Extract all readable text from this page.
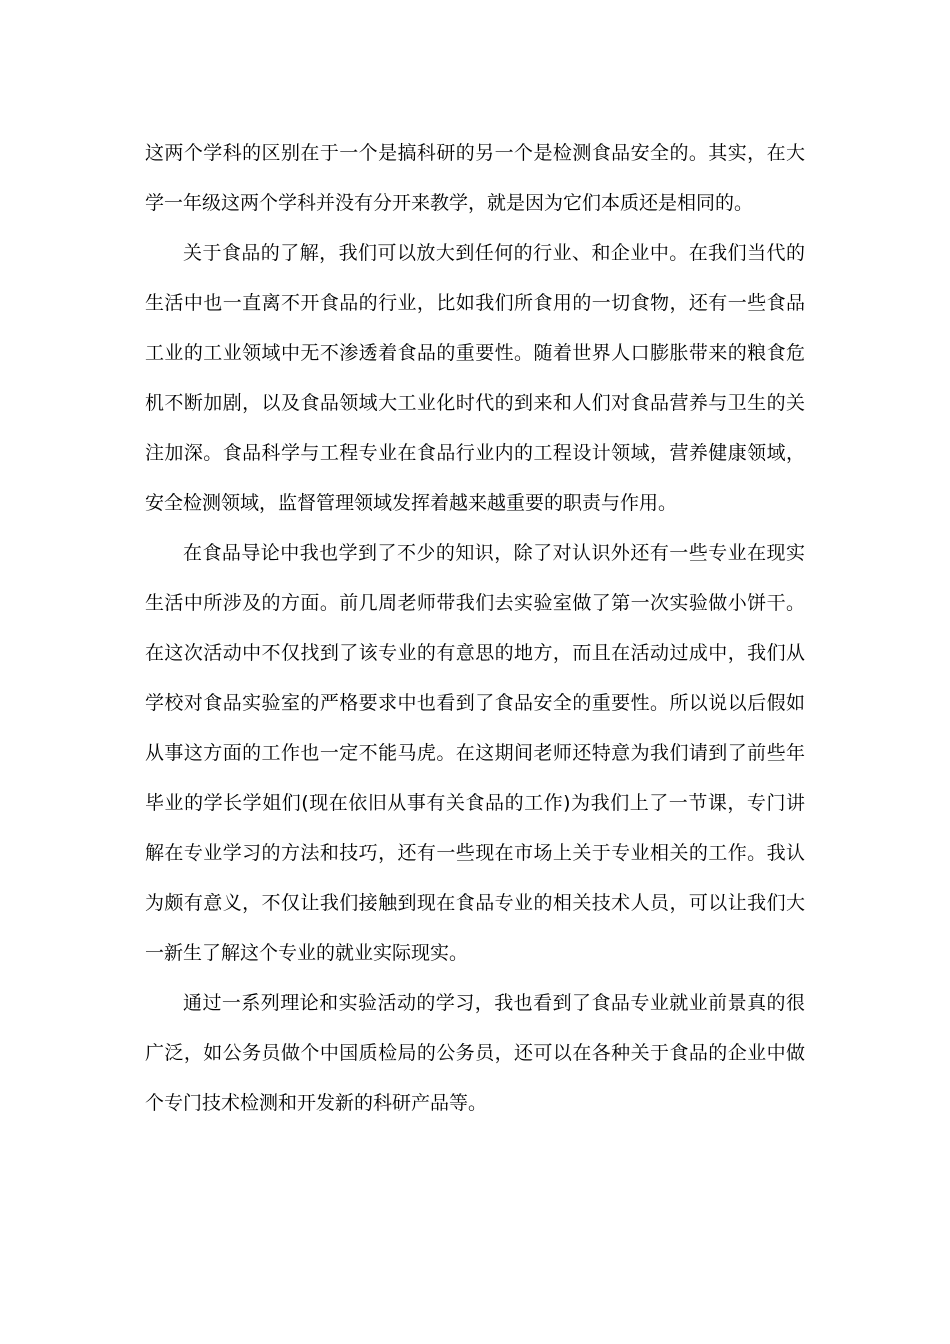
这两个学科的区别在于一个是搞科研的另一个是检测食品安全的。其实，在大学一年级这两个学科并没有分开来教学，就是因为它们本质还是相同的。

关于食品的了解，我们可以放大到任何的行业、和企业中。在我们当代的生活中也一直离不开食品的行业，比如我们所食用的一切食物，还有一些食品工业的工业领域中无不渗透着食品的重要性。随着世界人口膨胀带来的粮食危机不断加剧，以及食品领域大工业化时代的到来和人们对食品营养与卫生的关注加深。食品科学与工程专业在食品行业内的工程设计领域，营养健康领域，安全检测领域，监督管理领域发挥着越来越重要的职责与作用。

在食品导论中我也学到了不少的知识，除了对认识外还有一些专业在现实生活中所涉及的方面。前几周老师带我们去实验室做了第一次实验做小饼干。在这次活动中不仅找到了该专业的有意思的地方，而且在活动过成中，我们从学校对食品实验室的严格要求中也看到了食品安全的重要性。所以说以后假如从事这方面的工作也一定不能马虎。在这期间老师还特意为我们请到了前些年毕业的学长学姐们(现在依旧从事有关食品的工作)为我们上了一节课，专门讲解在专业学习的方法和技巧，还有一些现在市场上关于专业相关的工作。我认为颇有意义，不仅让我们接触到现在食品专业的相关技术人员，可以让我们大一新生了解这个专业的就业实际现实。

通过一系列理论和实验活动的学习，我也看到了食品专业就业前景真的很广泛，如公务员做个中国质检局的公务员，还可以在各种关于食品的企业中做个专门技术检测和开发新的科研产品等。
